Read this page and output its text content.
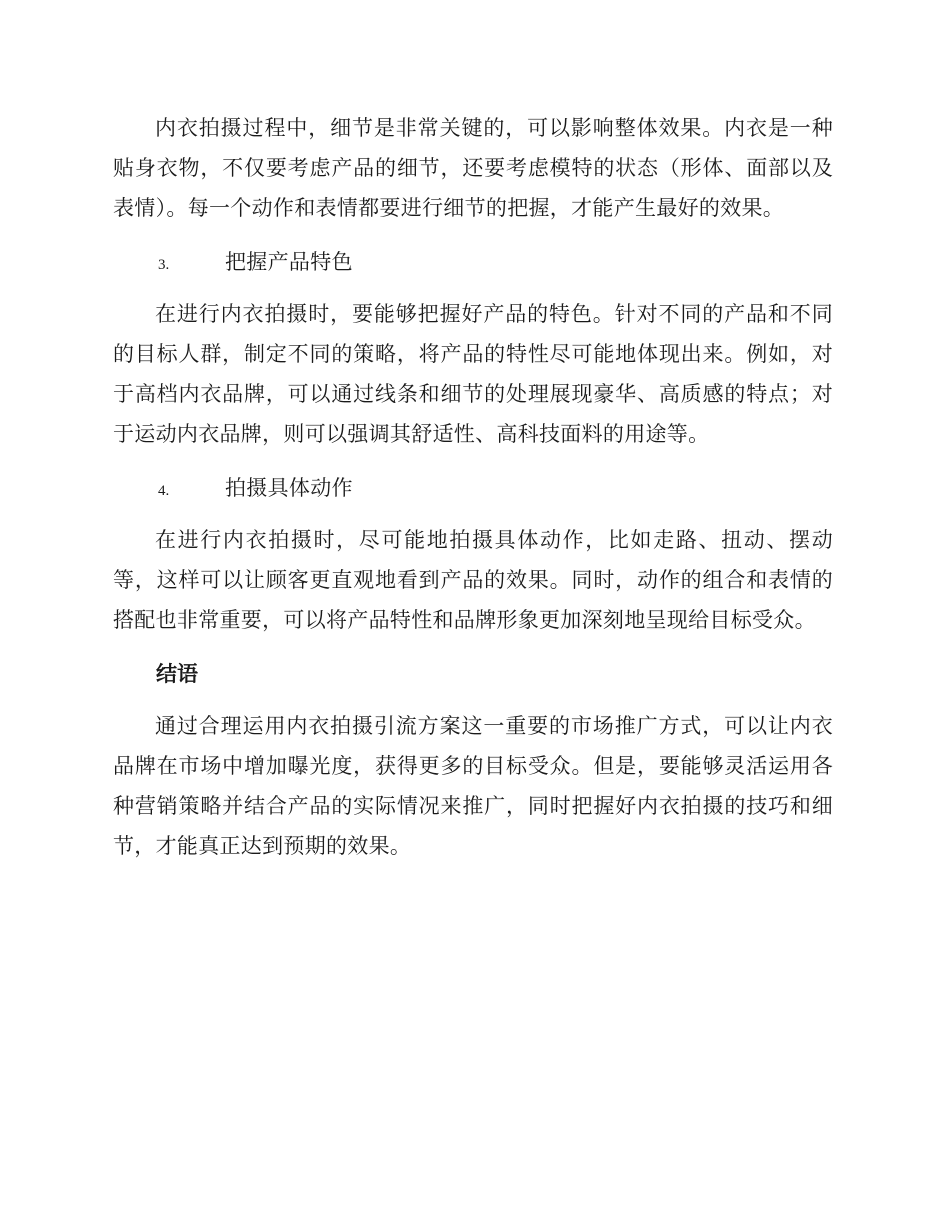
内衣拍摄过程中，细节是非常关键的，可以影响整体效果。内衣是一种贴身衣物，不仅要考虑产品的细节，还要考虑模特的状态（形体、面部以及表情）。每一个动作和表情都要进行细节的把握，才能产生最好的效果。

3.	把握产品特色

在进行内衣拍摄时，要能够把握好产品的特色。针对不同的产品和不同的目标人群，制定不同的策略，将产品的特性尽可能地体现出来。例如，对于高档内衣品牌，可以通过线条和细节的处理展现豪华、高质感的特点；对于运动内衣品牌，则可以强调其舒适性、高科技面料的用途等。

4.	拍摄具体动作

在进行内衣拍摄时，尽可能地拍摄具体动作，比如走路、扭动、摆动等，这样可以让顾客更直观地看到产品的效果。同时，动作的组合和表情的搭配也非常重要，可以将产品特性和品牌形象更加深刻地呈现给目标受众。

结语

通过合理运用内衣拍摄引流方案这一重要的市场推广方式，可以让内衣品牌在市场中增加曝光度，获得更多的目标受众。但是，要能够灵活运用各种营销策略并结合产品的实际情况来推广，同时把握好内衣拍摄的技巧和细节，才能真正达到预期的效果。
